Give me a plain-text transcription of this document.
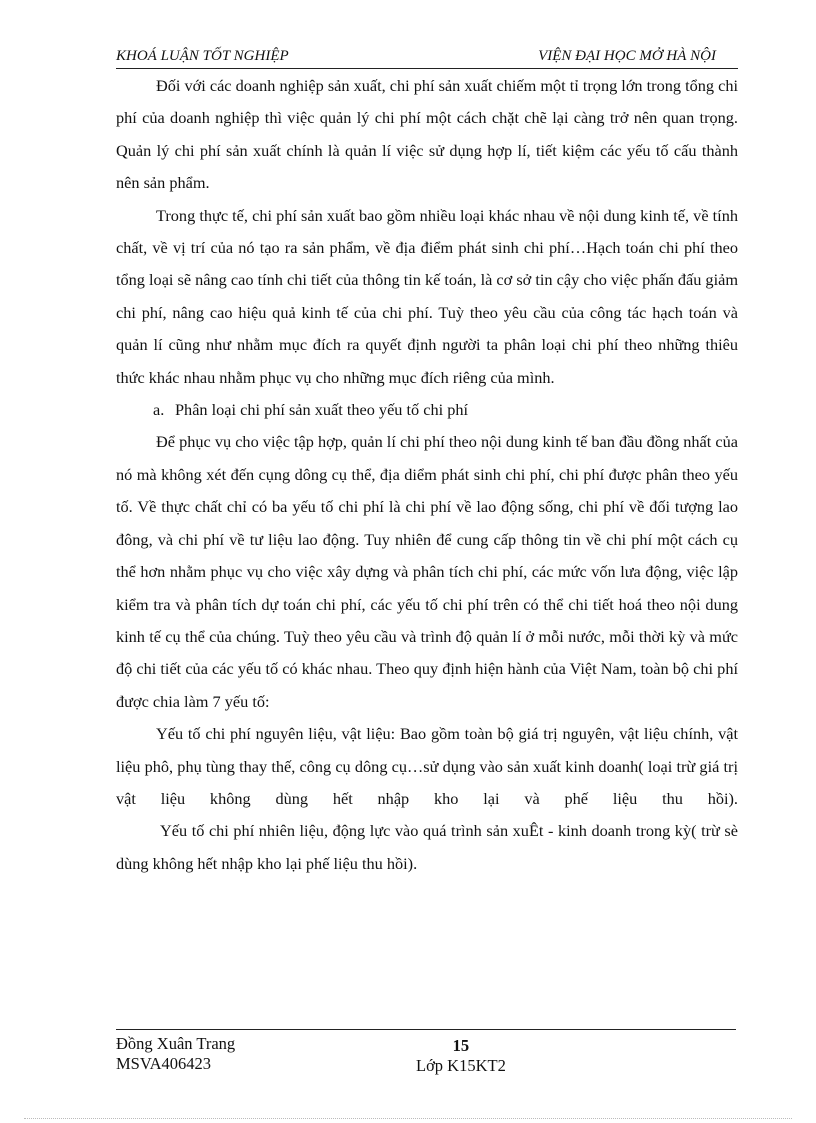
KHOÁ LUẬN TỐT NGHIỆP	VIỆN ĐẠI HỌC MỞ HÀ NỘI

Đối với các doanh nghiệp sản xuất, chi phí sản xuất chiếm một tỉ trọng lớn trong tổng chi phí của doanh nghiệp thì việc quản lý chi phí một cách chặt chẽ lại càng trở nên quan trọng. Quản lý chi phí sản xuất chính là quản lí việc sử dụng hợp lí, tiết kiệm các yếu tố cấu thành nên sản phẩm.

Trong thực tế, chi phí sản xuất bao gồm nhiều loại khác nhau về nội dung kinh tế, về tính chất, về vị trí của nó tạo ra sản phẩm, về địa điểm phát sinh chi phí…Hạch toán chi phí theo tổng loại sẽ nâng cao tính chi tiết của thông tin kế toán, là cơ sở tin cậy cho việc phấn đấu giảm chi phí, nâng cao hiệu quả kinh tế của chi phí. Tuỳ theo yêu cầu của công tác hạch toán và quản lí cũng như nhằm mục đích ra quyết định người ta phân loại chi phí theo những thiêu thức khác nhau nhằm phục vụ cho những mục đích riêng của mình.

a. Phân loại chi phí sản xuất theo yếu tố chi phí

Để phục vụ cho việc tập hợp, quản lí chi phí theo nội dung kinh tế ban đầu đồng nhất của nó mà không xét đến cụng dông cụ thể, địa diểm phát sinh chi phí, chi phí được phân theo yếu tố. Về thực chất chỉ có ba yếu tố chi phí là chi phí về lao động sống, chi phí về đối tượng lao đông, và chi phí về tư liệu lao động. Tuy nhiên để cung cấp thông tin về chi phí một cách cụ thể hơn nhằm phục vụ cho việc xây dựng và phân tích chi phí, các mức vốn lưa động, việc lập kiểm tra và phân tích dự toán chi phí, các yếu tố chi phí trên có thể chi tiết hoá theo nội dung kinh tế cụ thể của chúng. Tuỳ theo yêu cầu và trình độ quản lí ở mỗi nước, mỗi thời kỳ và mức độ chi tiết của các yếu tố có khác nhau. Theo quy định hiện hành của Việt Nam, toàn bộ chi phí được chia làm 7 yếu tố:

Yếu tố chi phí nguyên liệu, vật liệu: Bao gồm toàn bộ giá trị nguyên, vật liệu chính, vật liệu phô, phụ tùng thay thế, công cụ dông cụ…sử dụng vào sản xuất kinh doanh( loại trừ giá trị vật liệu không dùng hết nhập kho lại và phế liệu thu hồi).

Yếu tố chi phí nhiên liệu, động lực vào quá trình sản xuÊt - kinh doanh trong kỳ( trừ sè dùng không hết nhập kho lại phế liệu thu hồi).

Đồng Xuân Trang
MSVA406423
15
Lớp K15KT2
